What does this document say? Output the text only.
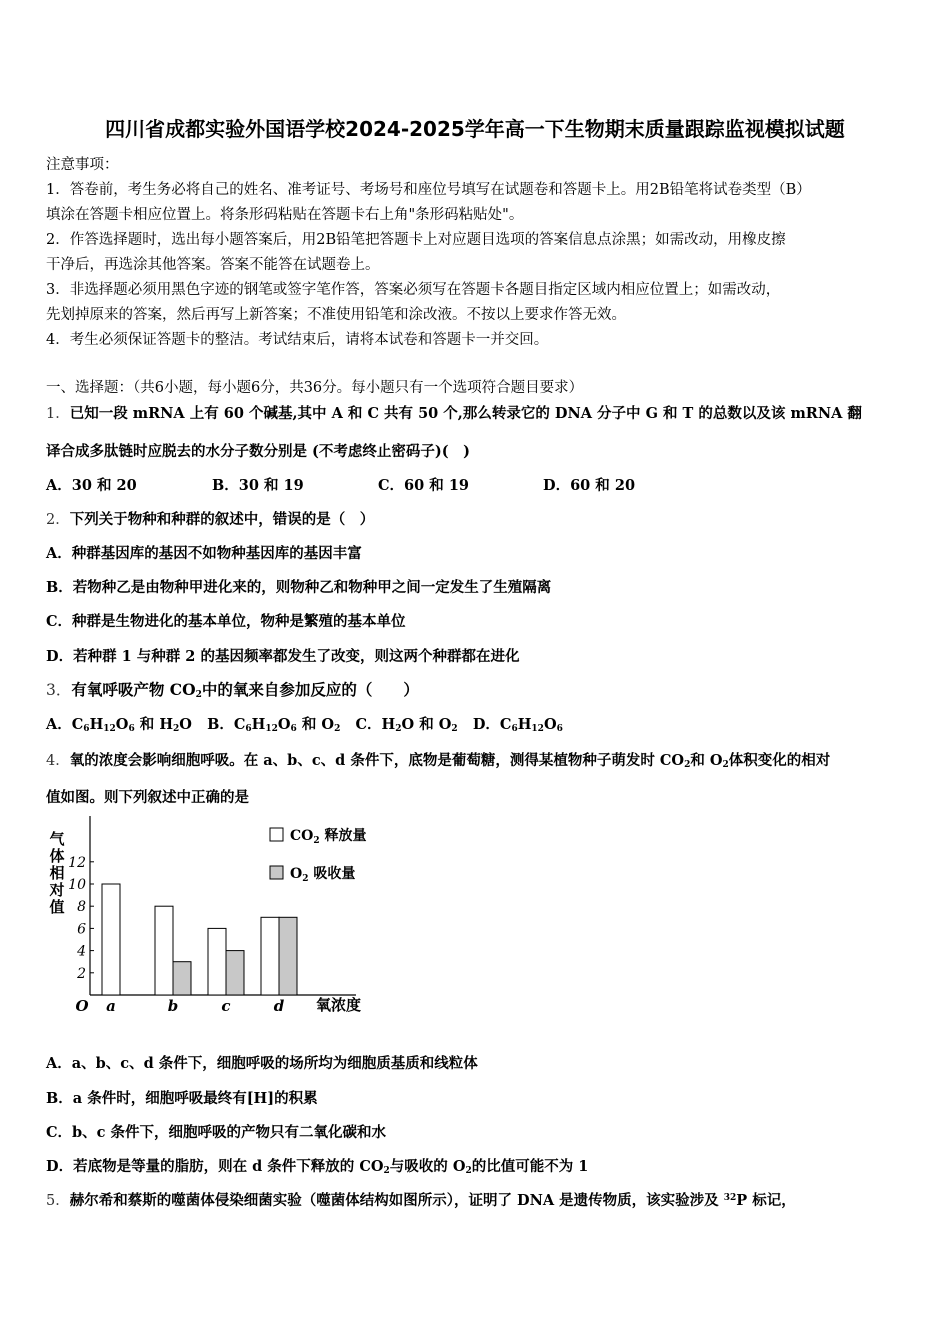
四川省成都实验外国语学校2024-2025学年高一下生物期末质量跟踪监视模拟试题
注意事项：
1．答卷前，考生务必将自己的姓名、准考证号、考场号和座位号填写在试题卷和答题卡上。用2B铅笔将试卷类型（B）
填涂在答题卡相应位置上。将条形码粘贴在答题卡右上角"条形码粘贴处"。
2．作答选择题时，选出每小题答案后，用2B铅笔把答题卡上对应题目选项的答案信息点涂黑；如需改动，用橡皮擦
干净后，再选涂其他答案。答案不能答在试题卷上。
3．非选择题必须用黑色字迹的钢笔或签字笔作答，答案必须写在答题卡各题目指定区域内相应位置上；如需改动，
先划掉原来的答案，然后再写上新答案；不准使用铅笔和涂改液。不按以上要求作答无效。
4．考生必须保证答题卡的整洁。考试结束后，请将本试卷和答题卡一并交回。
一、选择题：（共6小题，每小题6分，共36分。每小题只有一个选项符合题目要求）
1．已知一段 mRNA 上有 60 个碱基,其中 A 和 C 共有 50 个,那么转录它的 DNA 分子中 G 和 T 的总数以及该 mRNA 翻
译合成多肽链时应脱去的水分子数分别是 (不考虑终止密码子)(　)
A．30 和 20	B．30 和 19	C．60 和 19	D．60 和 20
2．下列关于物种和种群的叙述中，错误的是（　）
A．种群基因库的基因不如物种基因库的基因丰富
B．若物种乙是由物种甲进化来的，则物种乙和物种甲之间一定发生了生殖隔离
C．种群是生物进化的基本单位，物种是繁殖的基本单位
D．若种群 1 与种群 2 的基因频率都发生了改变，则这两个种群都在进化
3．有氧呼吸产物 $CO_2$中的氧来自参加反应的（　　）
A．$C_6H_{12}O_6$ 和 $H_2O$ B．$C_6H_{12}O_6$ 和 $O_2$ C．$H_2O$ 和 $O_2$ D．$C_6H_{12}O_6$
4．氧的浓度会影响细胞呼吸。在 a、b、c、d 条件下，底物是葡萄糖，测得某植物种子萌发时 $CO_2$和 $O_2$体积变化的相对
值如图。则下列叙述中正确的是
气
体
相
对
值
2
4
6
8
10
12
O a	b	c	d 氧浓度
$CO_2$ 释放量
$O_2$ 吸收量
A．a、b、c、d 条件下，细胞呼吸的场所均为细胞质基质和线粒体
B．a 条件时，细胞呼吸最终有[H]的积累
C．b、c 条件下，细胞呼吸的产物只有二氧化碳和水
D．若底物是等量的脂肪，则在 d 条件下释放的 $CO_2$与吸收的 $O_2$的比值可能不为 1
5．赫尔希和蔡斯的噬菌体侵染细菌实验（噬菌体结构如图所示），证明了 DNA 是遗传物质，该实验涉及 $^{32}$P 标记，
